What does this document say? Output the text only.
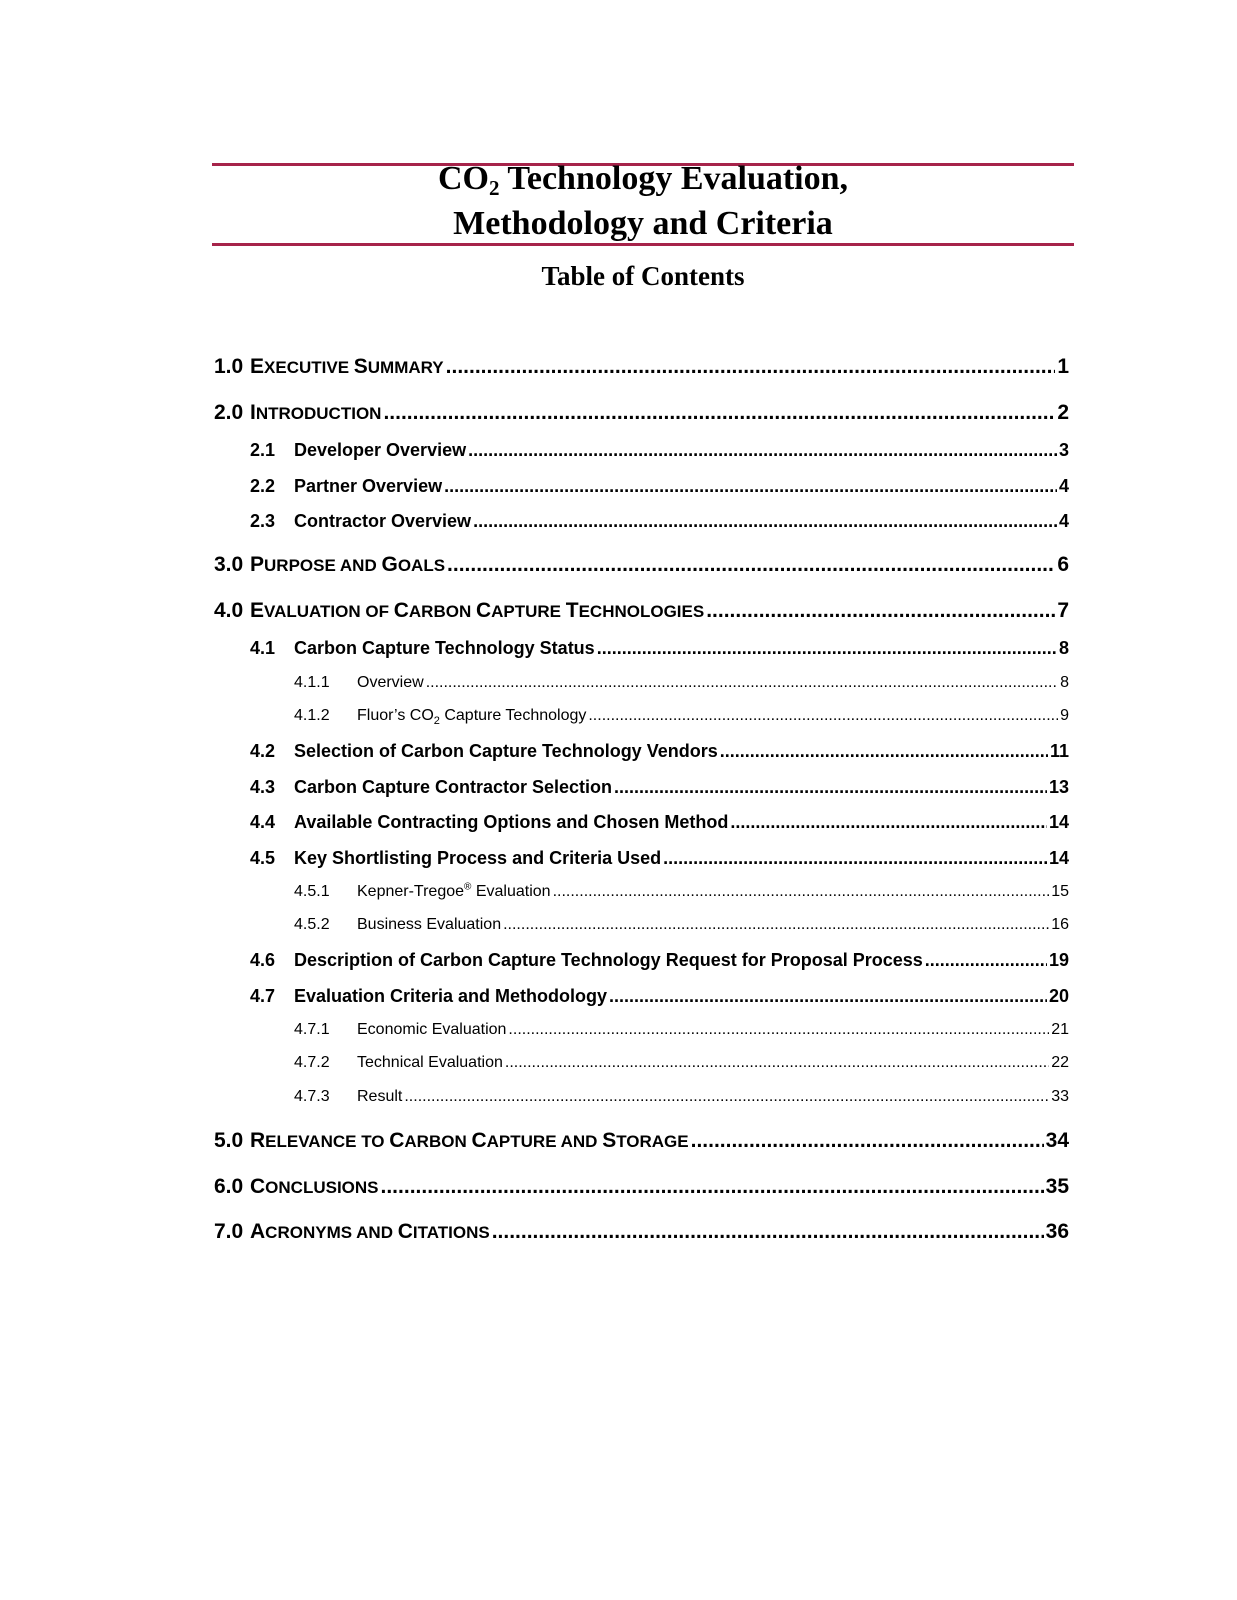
$CO_2$ Technology Evaluation,
Methodology and Criteria
Table of Contents
1.0 EXECUTIVE SUMMARY .....	1
2.0 INTRODUCTION .....	2
2.1	Developer Overview .....	3
2.2	Partner Overview .....	4
2.3	Contractor Overview .....	4
3.0 PURPOSE AND GOALS .....	6
4.0 EVALUATION OF CARBON CAPTURE TECHNOLOGIES .....	7
4.1	Carbon Capture Technology Status .....	8
4.1.1	Overview .....	8
4.1.2	Fluor’s $CO_2$ Capture Technology .....	9
4.2	Selection of Carbon Capture Technology Vendors .....	11
4.3	Carbon Capture Contractor Selection .....	13
4.4	Available Contracting Options and Chosen Method .....	14
4.5	Key Shortlisting Process and Criteria Used .....	14
4.5.1	Kepner-Tregoe® Evaluation .....	15
4.5.2	Business Evaluation .....	16
4.6	Description of Carbon Capture Technology Request for Proposal Process .....	19
4.7	Evaluation Criteria and Methodology .....	20
4.7.1	Economic Evaluation .....	21
4.7.2	Technical Evaluation .....	22
4.7.3	Result .....	33
5.0 RELEVANCE TO CARBON CAPTURE AND STORAGE .....	34
6.0 CONCLUSIONS .....	35
7.0 ACRONYMS AND CITATIONS .....	36
